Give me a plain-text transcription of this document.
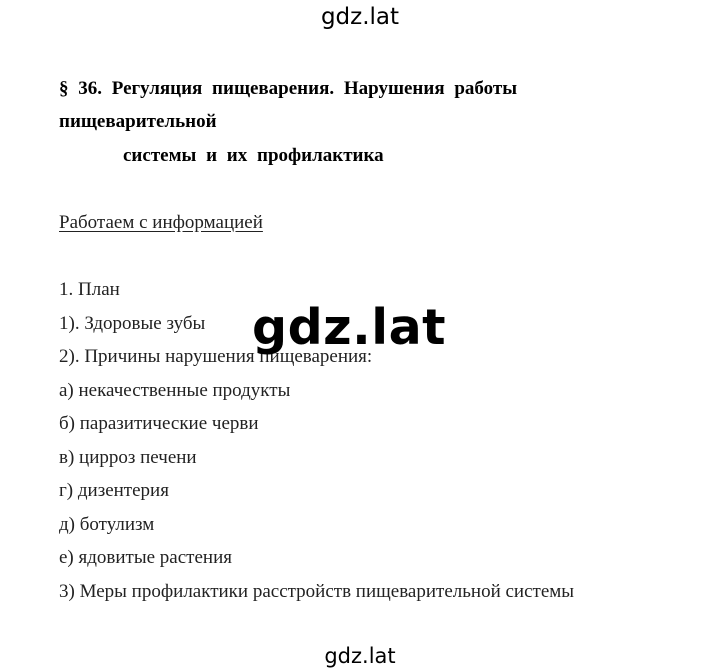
gdz.lat
§ 36. Регуляция пищеварения. Нарушения работы
пищеварительной
системы и их профилактика
Работаем с информацией
1. План
1). Здоровые зубы
2). Причины нарушения пищеварения:
а) некачественные продукты
б) паразитические черви
в) цирроз печени
г) дизентерия
д) ботулизм
е) ядовитые растения
3) Меры профилактики расстройств пищеварительной системы
gdz.lat
gdz.lat
